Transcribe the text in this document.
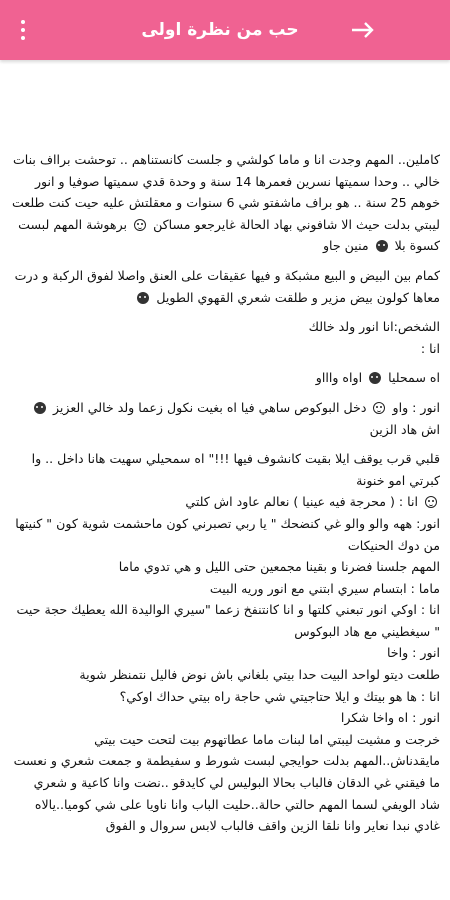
حب من نظرة اولى

كاملين.. المهم وجدت انا و ماما كولشي و جلست كانستناهم .. توحشت برااف بنات خالي .. وحدا سميتها نسرين فعمرها 14 سنة و وحدة قدي سميتها صوفيا و انور خوهم 25 سنة .. هو براف ماشفتو شي 6 سنوات و معقلتش عليه حيت كنت طلعت ليبتي بدلت حيث الا شافوني بهاد الحالة غايرجعو مساكن  برهوشة المهم لبست كسوة بلا  منين جاو

كمام بين البيض و البيع مشبكة و فيها عقيقات على العنق واصلا لفوق الركبة و درت معاها كولون بيض مزير و طلقت شعري القهوي الطويل

الشخص:انا انور ولد خالك
انا :

اه سمحليا  اواه واااو

انور : واو  دخل البوكوص ساهي فيا اه بغيت نكول زعما ولد خالي العزيز  اش هاد الزين

قلبي قرب يوقف ايلا بقيت كانشوف فيها !!!" اه سمحيلي سهيت هانا داخل .. وا كبرتي امو خنونة
انا : ( محرجة فيه عينيا ) نعالم عاود اش كلتي
انور: ههه والو والو غي كنضحك " يا ربي تصبرني كون ماحشمت شوية كون " كنيتها من دوك الحنيكات
المهم جلسنا فضرنا و بقينا مجمعين حتى الليل و هي تدوي ماما
ماما : ابتسام سيري ابتني مع انور وريه البيت
انا : اوكي انور تبعني كلتها و انا كانتنفخ زعما "سيري الواليدة الله يعطيك حجة حيت " سيغطيني مع هاد البوكوس
انور : واخا
طلعت ديتو لواحد البيت حدا بيتي بلغاني باش نوض فاليل نتمنظر شوية
انا : ها هو بيتك و ايلا حتاجيتي شي حاجة راه بيتي حداك اوكي؟
انور : اه واخا شكرا
خرجت و مشيت ليبتي اما لبنات ماما عطاتهوم بيت لتحت حيت بيتي مايقدناش..المهم بدلت حوايجي لبست شورط و سفيطمة و جمعت شعري و نعست ما فيقني غي الدقان فالباب بحالا البوليس لي كايدقو ..نضت وانا كاعية و شعري شاد الويفي لسما المهم حالتي حالة..حليت الباب وانا ناويا على شي كوميا..يالاه غادي نبدا نعاير وانا نلقا الزين واقف فالباب لابس سروال و الفوق
